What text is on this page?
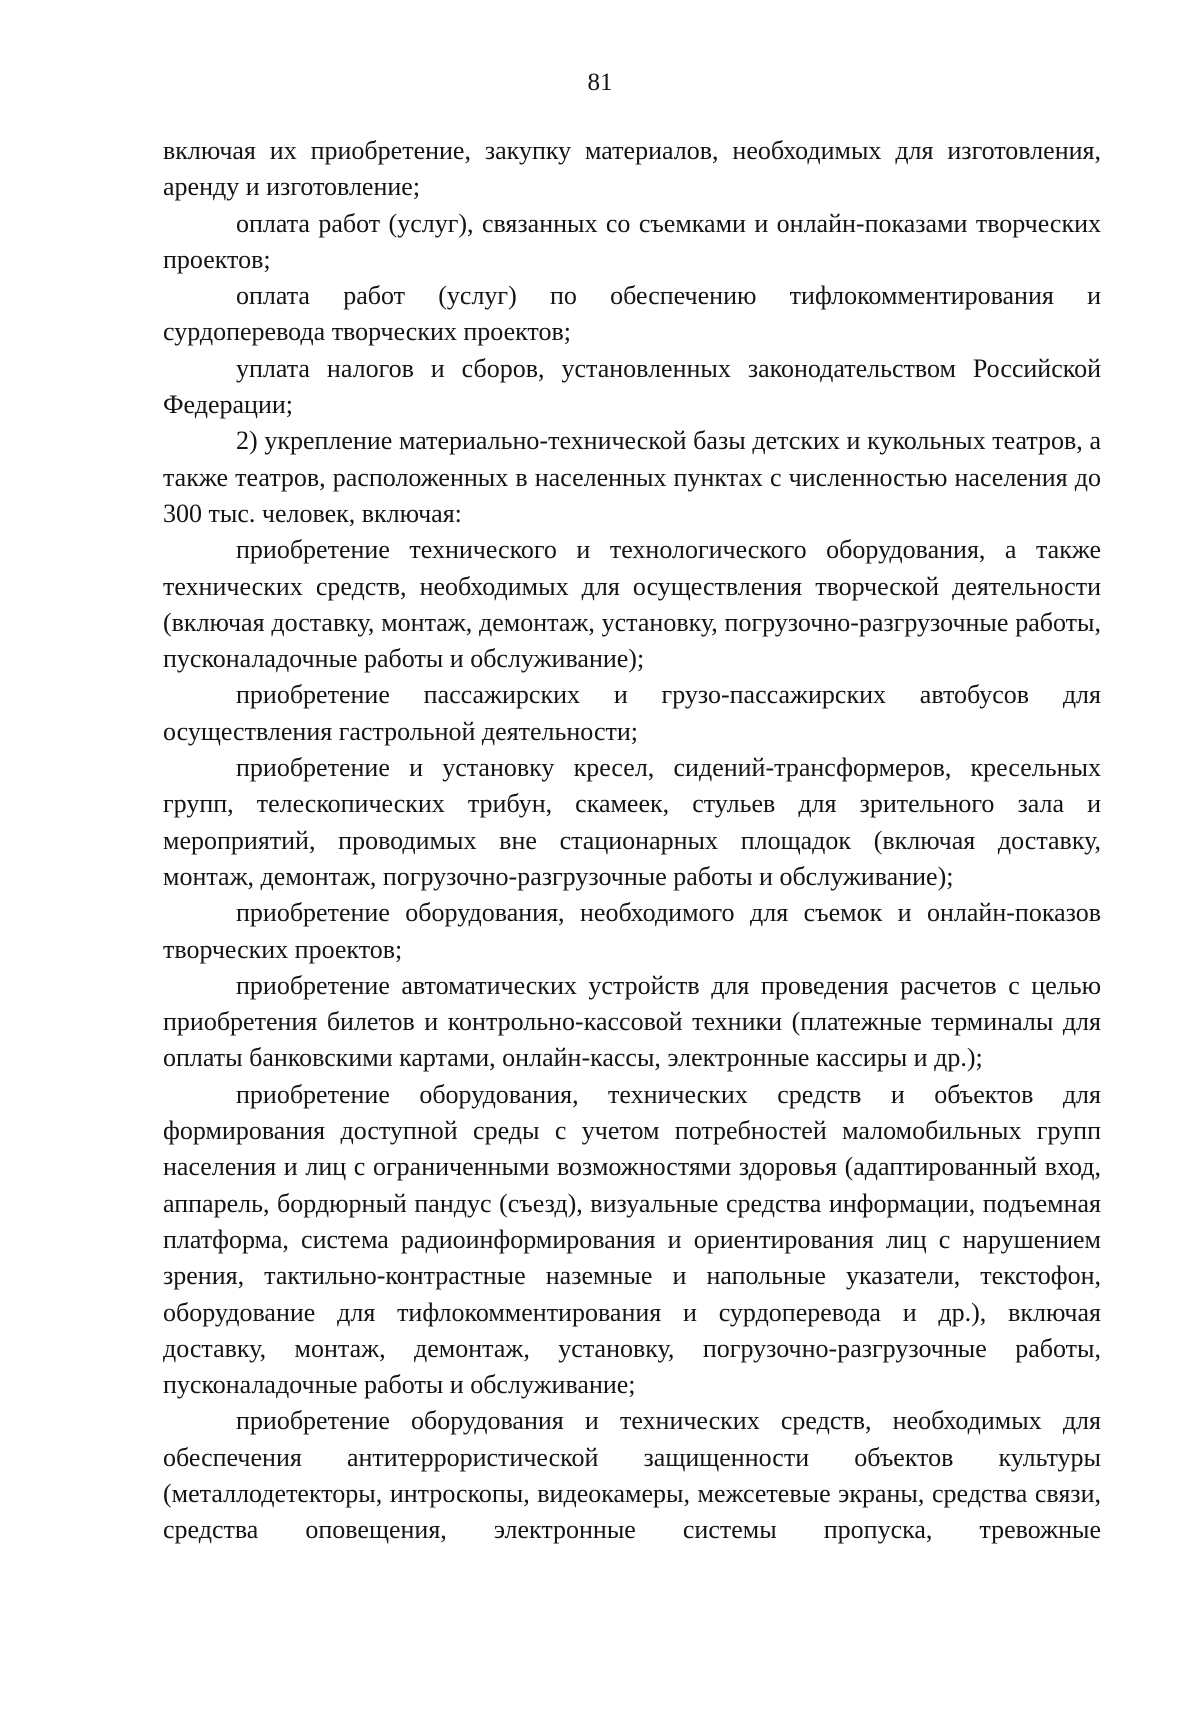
81

включая их приобретение, закупку материалов, необходимых для изготовления, аренду и изготовление;

оплата работ (услуг), связанных со съемками и онлайн-показами творческих проектов;

оплата работ (услуг) по обеспечению тифлокомментирования и сурдоперевода творческих проектов;

уплата налогов и сборов, установленных законодательством Российской Федерации;

2) укрепление материально-технической базы детских и кукольных театров, а также театров, расположенных в населенных пунктах с численностью населения до 300 тыс. человек, включая:

приобретение технического и технологического оборудования, а также технических средств, необходимых для осуществления творческой деятельности (включая доставку, монтаж, демонтаж, установку, погрузочно-разгрузочные работы, пусконаладочные работы и обслуживание);

приобретение пассажирских и грузо-пассажирских автобусов для осуществления гастрольной деятельности;

приобретение и установку кресел, сидений-трансформеров, кресельных групп, телескопических трибун, скамеек, стульев для зрительного зала и мероприятий, проводимых вне стационарных площадок (включая доставку, монтаж, демонтаж, погрузочно-разгрузочные работы и обслуживание);

приобретение оборудования, необходимого для съемок и онлайн-показов творческих проектов;

приобретение автоматических устройств для проведения расчетов с целью приобретения билетов и контрольно-кассовой техники (платежные терминалы для оплаты банковскими картами, онлайн-кассы, электронные кассиры и др.);

приобретение оборудования, технических средств и объектов для формирования доступной среды с учетом потребностей маломобильных групп населения и лиц с ограниченными возможностями здоровья (адаптированный вход, аппарель, бордюрный пандус (съезд), визуальные средства информации, подъемная платформа, система радиоинформирования и ориентирования лиц с нарушением зрения, тактильно-контрастные наземные и напольные указатели, текстофон, оборудование для тифлокомментирования и сурдоперевода и др.), включая доставку, монтаж, демонтаж, установку, погрузочно-разгрузочные работы, пусконаладочные работы и обслуживание;

приобретение оборудования и технических средств, необходимых для обеспечения антитеррористической защищенности объектов культуры (металлодетекторы, интроскопы, видеокамеры, межсетевые экраны, средства связи, средства оповещения, электронные системы пропуска, тревожные
